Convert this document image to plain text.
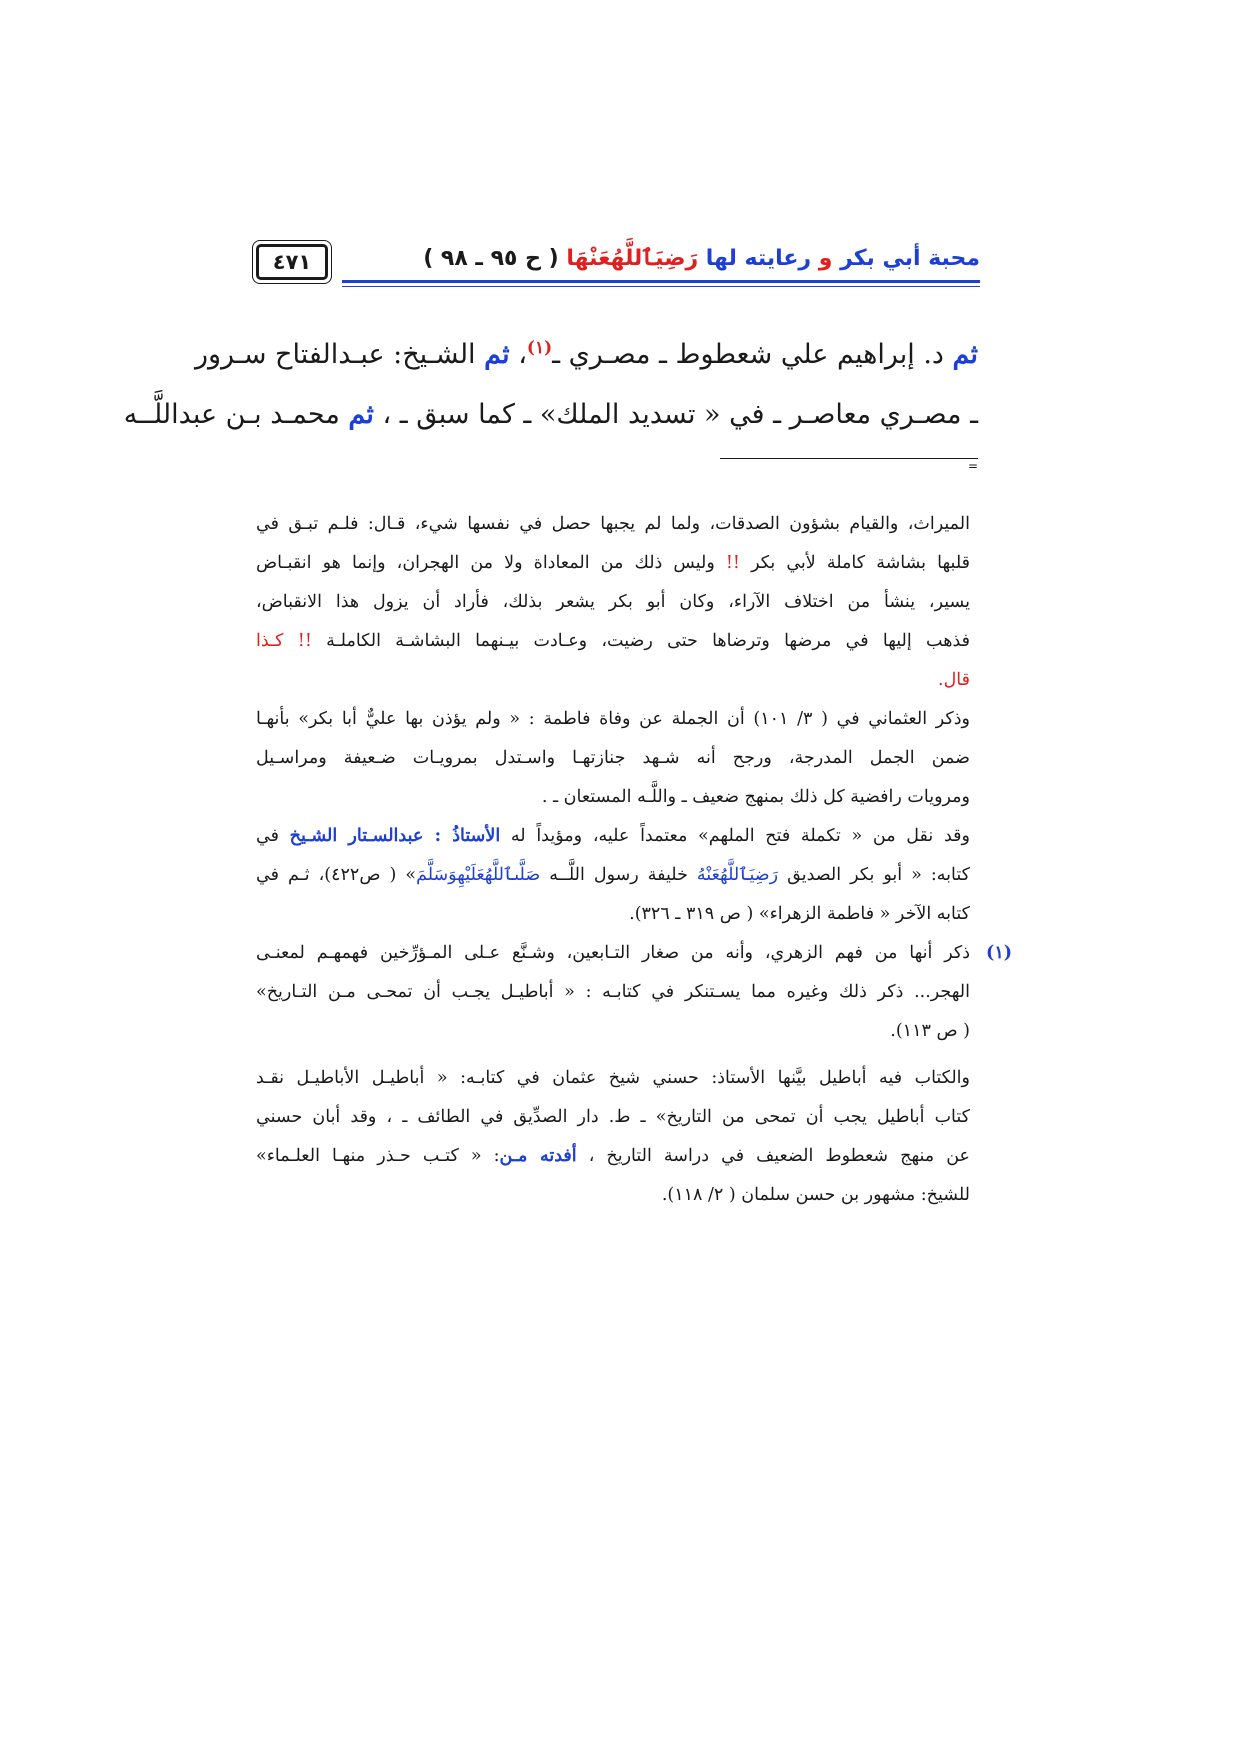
٤٧١	محبة أبي بكر و رعايته لها رَضِيَٱللَّهُعَنْهَا ( ح ٩٥ ـ ٩٨ )
ثم د. إبراهيم علي شعطوط ـ مصـري ـ$^{(١)}$، ثم الشـيخ: عبـدالفتاح سـرور
ـ مصـري معاصـر ـ في « تسديد الملك» ـ كما سبق ـ ، ثم محمـد بـن عبداللَّــه
=
الميراث، والقيام بشؤون الصدقات، ولما لم يجبها حصل في نفسها شيء، قـال: فلـم تبـق في
قلبها بشاشة كاملة لأبي بكر !! وليس ذلك من المعاداة ولا من الهجران، وإنما هو انقبـاض
يسير، ينشأ من اختلاف الآراء، وكان أبو بكر يشعر بذلك، فأراد أن يزول هذا الانقباض،
فذهب إليها في مرضها وترضاها حتى رضيت، وعـادت بيـنهما البشاشـة الكاملـة !! كـذا
قال.
وذكر العثماني في ( ٣/ ١٠١) أن الجملة عن وفاة فاطمة : « ولم يؤذن بها عليٌّ أبا بكر» بأنهـا
ضمن الجمل المدرجة، ورجح أنه شـهد جنازتهـا واسـتدل بمرويـات ضـعيفة ومراسـيل
ومرويات رافضية كل ذلك بمنهج ضعيف ـ واللَّـه المستعان ـ .
وقد نقل من « تكملة فتح الملهم» معتمداً عليه، ومؤيداً له الأستاذُ : عبدالسـتار الشـيخ في
كتابه: « أبو بكر الصديق رَضِيَٱللَّهُعَنْهُ خليفة رسول اللَّــه صَلَّىٱللَّهُعَلَيْهِوَسَلَّمَ» ( ص٤٢٢)، ثـم في
كتابه الآخر « فاطمة الزهراء» ( ص ٣١٩ ـ ٣٢٦).
(١)
ذكر أنها من فهم الزهري، وأنه من صغار التـابعين، وشـنَّع عـلى المـؤرِّخين فهمهـم لمعنـى
الهجر... ذكر ذلك وغيره مما يسـتنكر في كتابـه : « أباطيـل يجـب أن تمحـى مـن التـاريخ»
( ص ١١٣).
والكتاب فيه أباطيل بيَّنها الأستاذ: حسني شيخ عثمان في كتابـه: « أباطيـل الأباطيـل نقـد
كتاب أباطيل يجب أن تمحى من التاريخ» ـ ط. دار الصدِّيق في الطائف ـ ، وقد أبان حسني
عن منهج شعطوط الضعيف في دراسة التاريخ ، أفدته مـن: « كتـب حـذر منهـا العلـماء»
للشيخ: مشهور بن حسن سلمان ( ٢/ ١١٨).
